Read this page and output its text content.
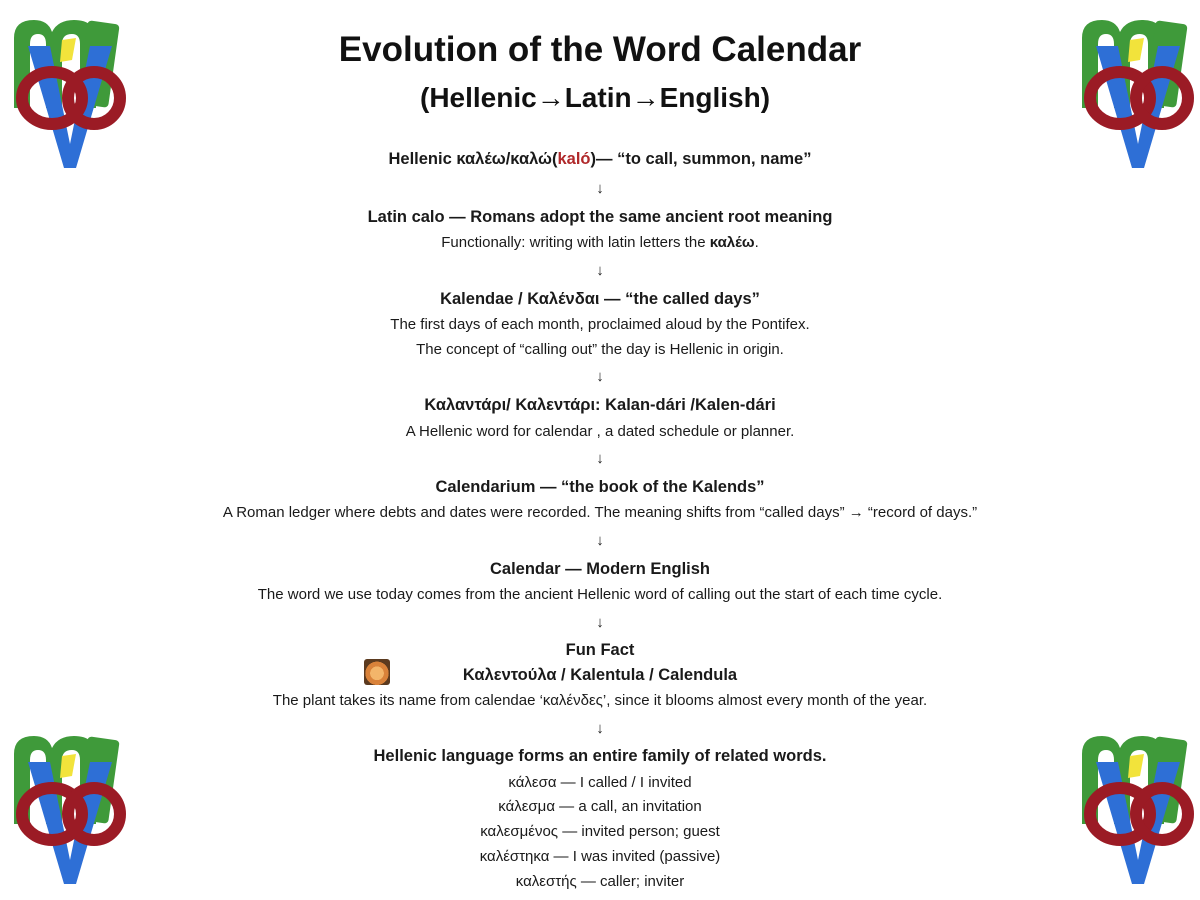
Evolution of the Word Calendar
(Hellenic→Latin→English)
Hellenic καλέω/καλώ(kaló)— “to call, summon, name”
↓
Latin calo — Romans adopt the same ancient root meaning
Functionally: writing with latin letters the καλέω.
↓
Kalendae / Καλένδαι — “the called days”
The first days of each month, proclaimed aloud by the Pontifex.
The concept of “calling out” the day is Hellenic in origin.
↓
Καλαντάρι/ Καλεντάρι: Kalan-dári /Kalen-dári
A Hellenic word for calendar , a dated schedule or planner.
↓
Calendarium — “the book of the Kalends”
A Roman ledger where debts and dates were recorded. The meaning shifts from “called days” → “record of days.”
↓
Calendar — Modern English
The word we use today comes from the ancient Hellenic word of calling out the start of each time cycle.
↓
Fun Fact
Καλεντούλα / Kalentula / Calendula
The plant takes its name from calendae ‘καλένδες’, since it blooms almost every month of the year.
↓
Hellenic language forms an entire family of related words.
κάλεσα — I called / I invited
κάλεσμα — a call, an invitation
καλεσμένος — invited person; guest
καλέστηκα — I was invited (passive)
καλεστής — caller; inviter
